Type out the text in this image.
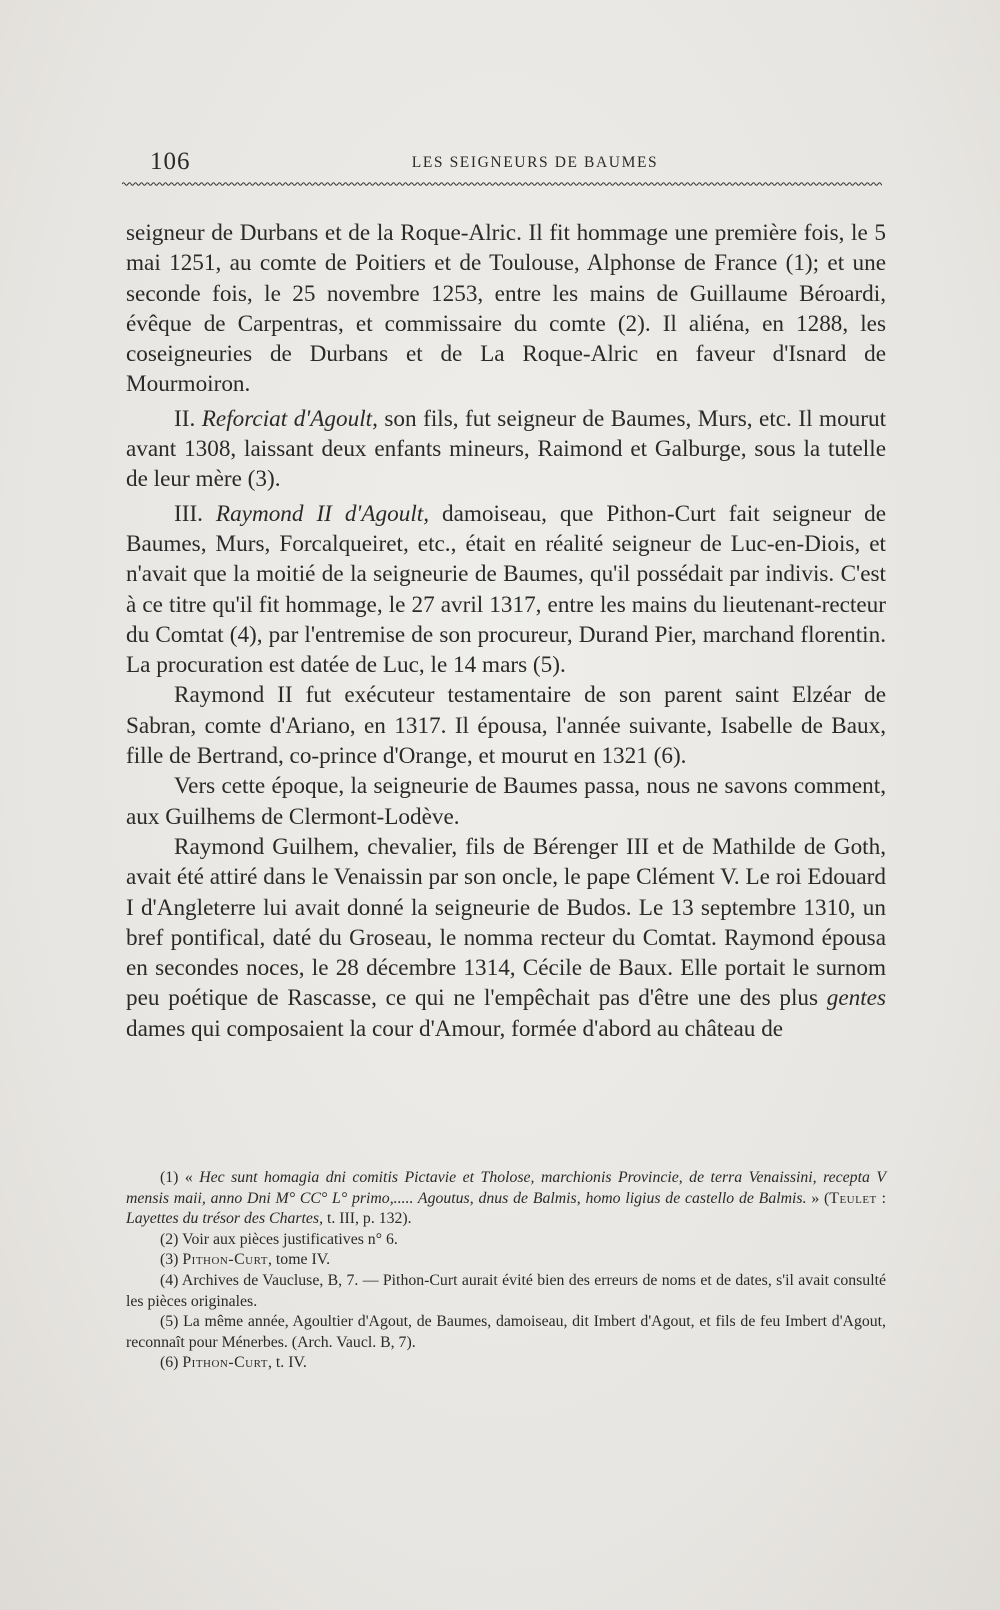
106	LES SEIGNEURS DE BAUMES

seigneur de Durbans et de la Roque-Alric. Il fit hommage une première fois, le 5 mai 1251, au comte de Poitiers et de Toulouse, Alphonse de France (1); et une seconde fois, le 25 novembre 1253, entre les mains de Guillaume Béroardi, évêque de Carpentras, et commissaire du comte (2). Il aliéna, en 1288, les coseigneuries de Durbans et de La Roque-Alric en faveur d'Isnard de Mourmoiron.

II. Reforciat d'Agoult, son fils, fut seigneur de Baumes, Murs, etc. Il mourut avant 1308, laissant deux enfants mineurs, Raimond et Galburge, sous la tutelle de leur mère (3).

III. Raymond II d'Agoult, damoiseau, que Pithon-Curt fait seigneur de Baumes, Murs, Forcalqueiret, etc., était en réalité seigneur de Luc-en-Diois, et n'avait que la moitié de la seigneurie de Baumes, qu'il possédait par indivis. C'est à ce titre qu'il fit hommage, le 27 avril 1317, entre les mains du lieutenant-recteur du Comtat (4), par l'entremise de son procureur, Durand Pier, marchand florentin. La procuration est datée de Luc, le 14 mars (5).

Raymond II fut exécuteur testamentaire de son parent saint Elzéar de Sabran, comte d'Ariano, en 1317. Il épousa, l'année suivante, Isabelle de Baux, fille de Bertrand, co-prince d'Orange, et mourut en 1321 (6).

Vers cette époque, la seigneurie de Baumes passa, nous ne savons comment, aux Guilhems de Clermont-Lodève.

Raymond Guilhem, chevalier, fils de Bérenger III et de Mathilde de Goth, avait été attiré dans le Venaissin par son oncle, le pape Clément V. Le roi Edouard I d'Angleterre lui avait donné la seigneurie de Budos. Le 13 septembre 1310, un bref pontifical, daté du Groseau, le nomma recteur du Comtat. Raymond épousa en secondes noces, le 28 décembre 1314, Cécile de Baux. Elle portait le surnom peu poétique de Rascasse, ce qui ne l'empêchait pas d'être une des plus gentes dames qui composaient la cour d'Amour, formée d'abord au château de

(1) « Hec sunt homagia dni comitis Pictavie et Tholose, marchionis Provincie, de terra Venaissini, recepta V mensis maii, anno Dni M° CC° L° primo,..... Agoutus, dnus de Balmis, homo ligius de castello de Balmis. » (Teulet : Layettes du trésor des Chartes, t. III, p. 132).

(2) Voir aux pièces justificatives n° 6.

(3) Pithon-Curt, tome IV.

(4) Archives de Vaucluse, B, 7. — Pithon-Curt aurait évité bien des erreurs de noms et de dates, s'il avait consulté les pièces originales.

(5) La même année, Agoultier d'Agout, de Baumes, damoiseau, dit Imbert d'Agout, et fils de feu Imbert d'Agout, reconnaît pour Ménerbes. (Arch. Vaucl. B, 7).

(6) Pithon-Curt, t. IV.
